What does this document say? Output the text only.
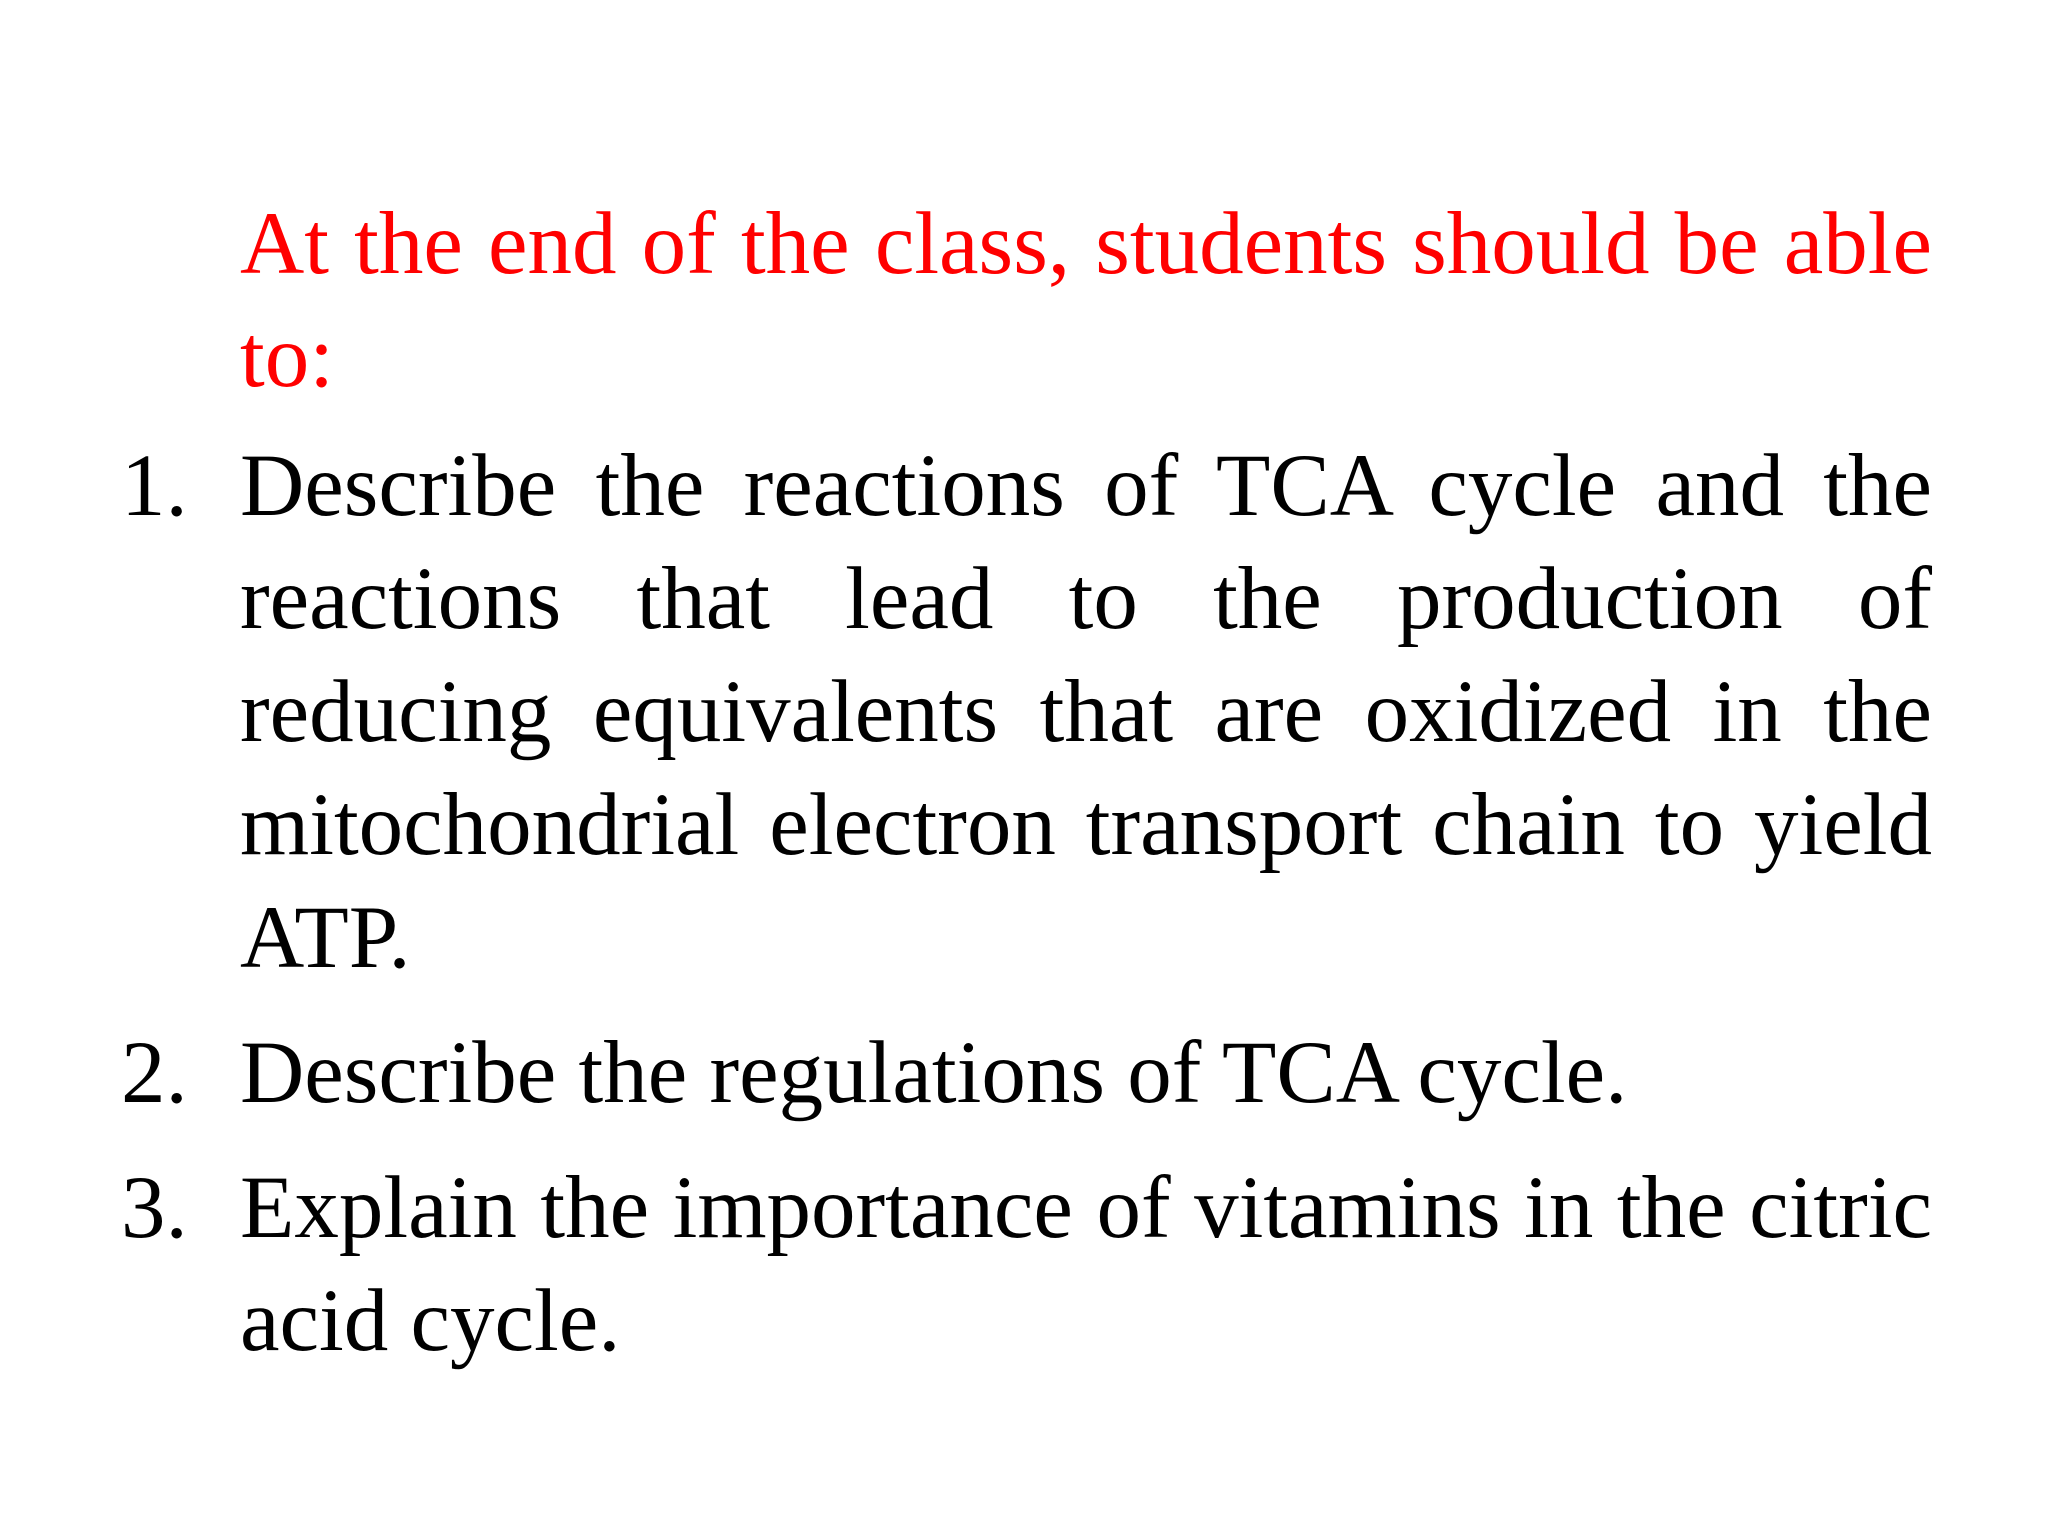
At the end of the class, students should be able to:

1. Describe the reactions of TCA cycle and the reactions that lead to the production of reducing equivalents that are oxidized in the mitochondrial electron transport chain to yield ATP.
2. Describe the regulations of TCA cycle.
3. Explain the importance of vitamins in the citric acid cycle.
